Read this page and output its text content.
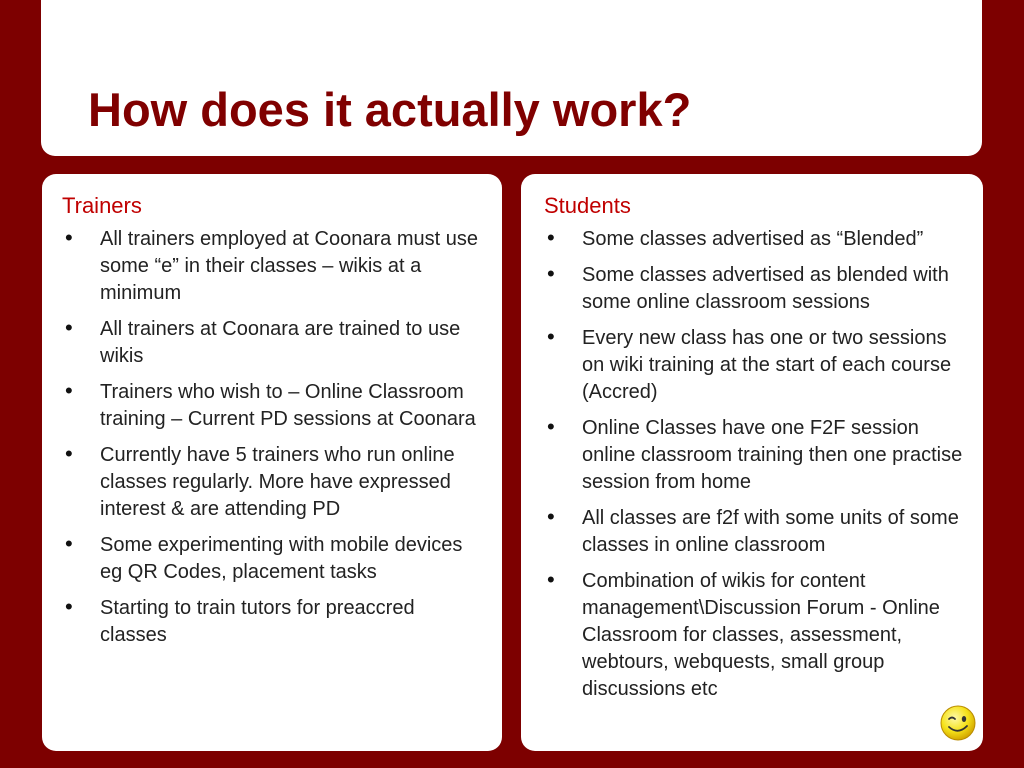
How does it actually work?
Trainers
• All trainers employed at Coonara must use some “e” in their classes – wikis at a minimum
• All trainers at Coonara are trained to use wikis
• Trainers who wish to – Online Classroom training – Current PD sessions at Coonara
• Currently have 5 trainers who run online classes regularly. More have expressed interest & are attending PD
• Some experimenting with mobile devices eg QR Codes, placement tasks
• Starting to train tutors for preaccred classes
Students
• Some classes advertised as “Blended”
• Some classes advertised as blended with some online classroom sessions
• Every new class has one or two sessions on wiki training at the start of each course (Accred)
• Online Classes have one F2F session online classroom training then one practise session from home
• All classes are f2f with some units of some classes in online classroom
• Combination of wikis for content management\Discussion Forum - Online Classroom for classes, assessment, webtours, webquests, small group discussions etc
